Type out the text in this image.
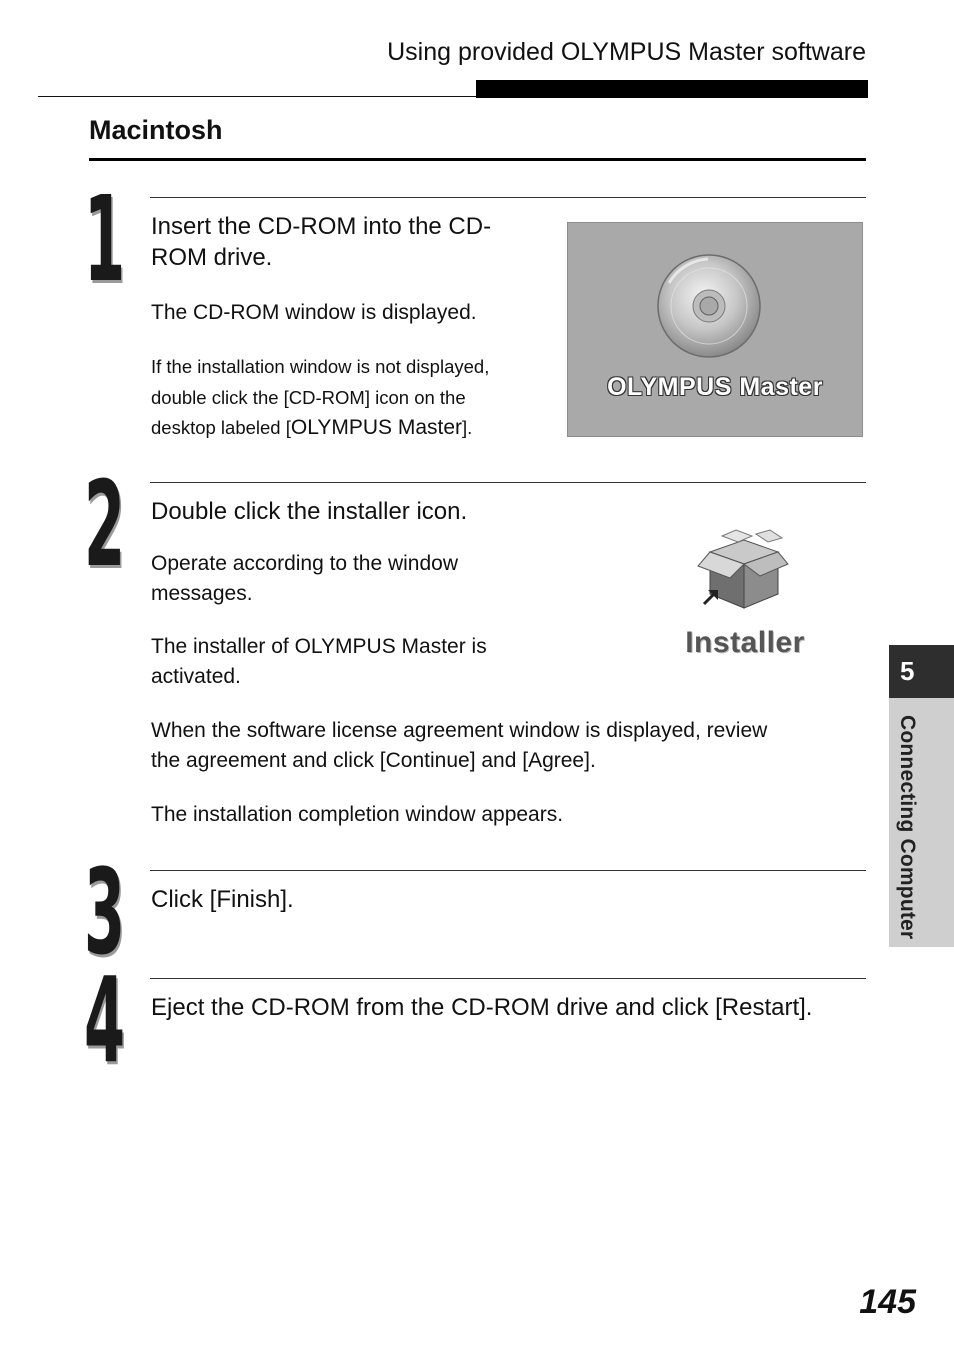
Using provided OLYMPUS Master software
Macintosh
1 Insert the CD-ROM into the CD-
ROM drive.
The CD-ROM window is displayed.
If the installation window is not displayed,
double click the [CD-ROM] icon on the
desktop labeled [OLYMPUS Master].
OLYMPUS Master
2 Double click the installer icon.
Operate according to the window
messages.
The installer of OLYMPUS Master is
activated.
When the software license agreement window is displayed, review
the agreement and click [Continue] and [Agree].
The installation completion window appears.
Installer
3 Click [Finish].
4 Eject the CD-ROM from the CD-ROM drive and click [Restart].
5
Connecting Computer
145
